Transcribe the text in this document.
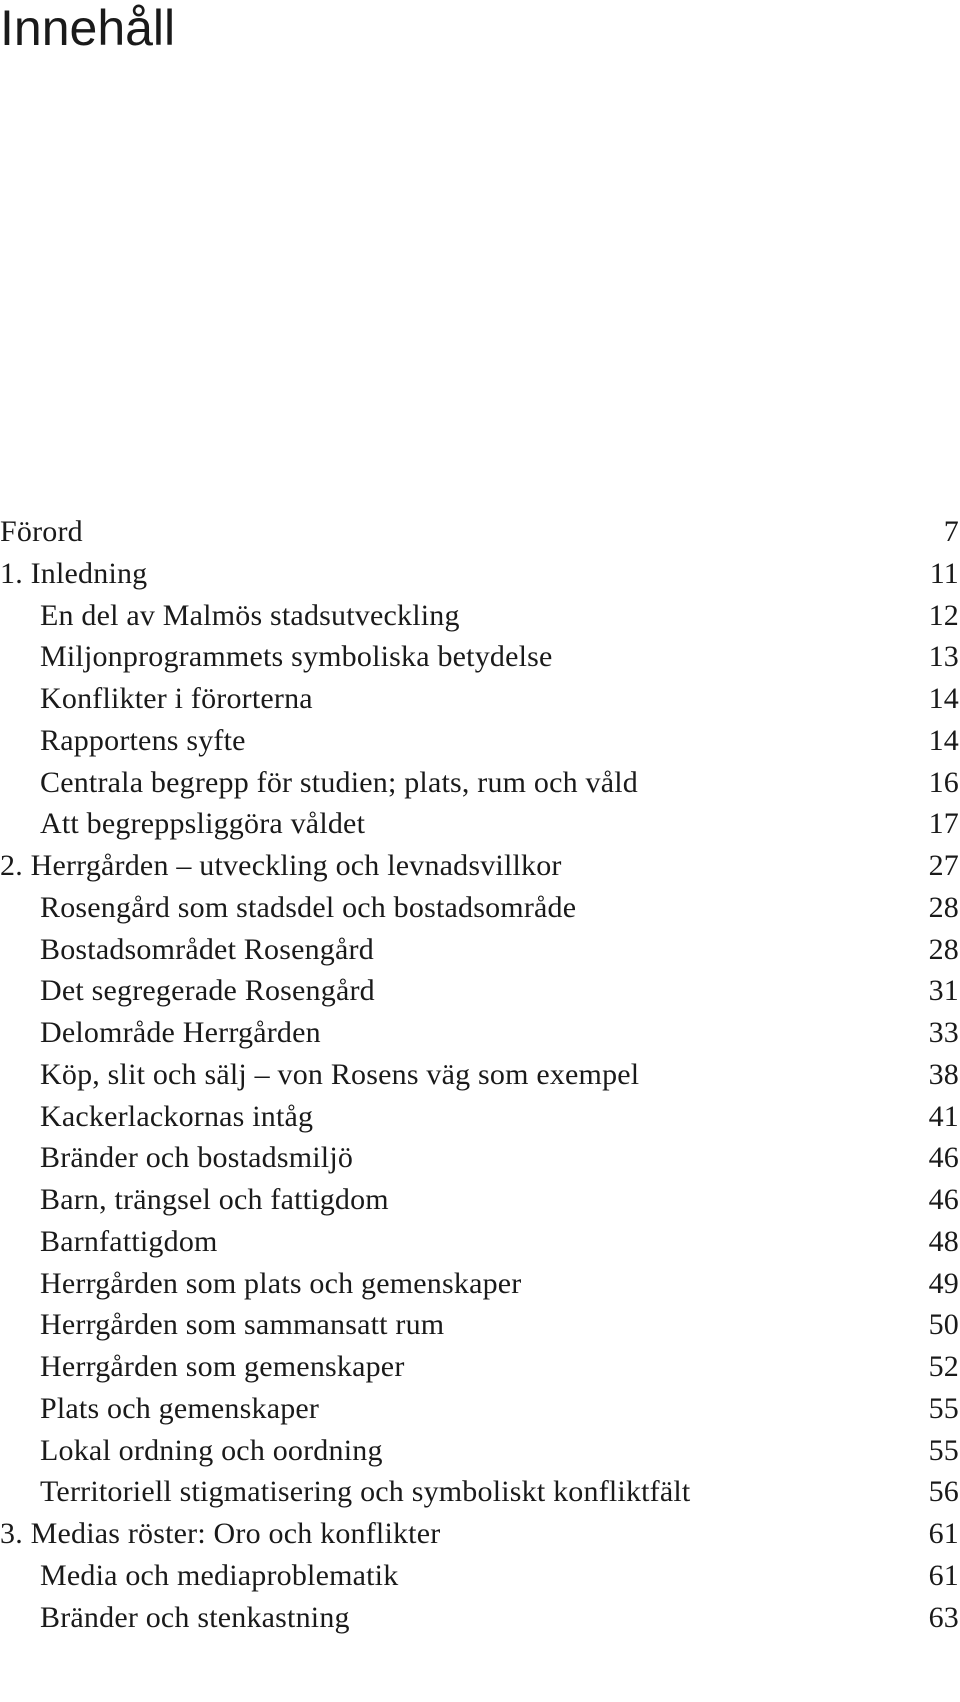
Innehåll
Förord	7
1. Inledning	11
En del av Malmös stadsutveckling	12
Miljonprogrammets symboliska betydelse	13
Konflikter i förorterna	14
Rapportens syfte	14
Centrala begrepp för studien; plats, rum och våld	16
Att begreppsliggöra våldet	17
2. Herrgården – utveckling och levnadsvillkor	27
Rosengård som stadsdel och bostadsområde	28
Bostadsområdet Rosengård	28
Det segregerade Rosengård	31
Delområde Herrgården	33
Köp, slit och sälj – von Rosens väg som exempel	38
Kackerlackornas intåg	41
Bränder och bostadsmiljö	46
Barn, trängsel och fattigdom	46
Barnfattigdom	48
Herrgården som plats och gemenskaper	49
Herrgården som sammansatt rum	50
Herrgården som gemenskaper	52
Plats och gemenskaper	55
Lokal ordning och oordning	55
Territoriell stigmatisering och symboliskt konfliktfält	56
3. Medias röster: Oro och konflikter	61
Media och mediaproblematik	61
Bränder och stenkastning	63
